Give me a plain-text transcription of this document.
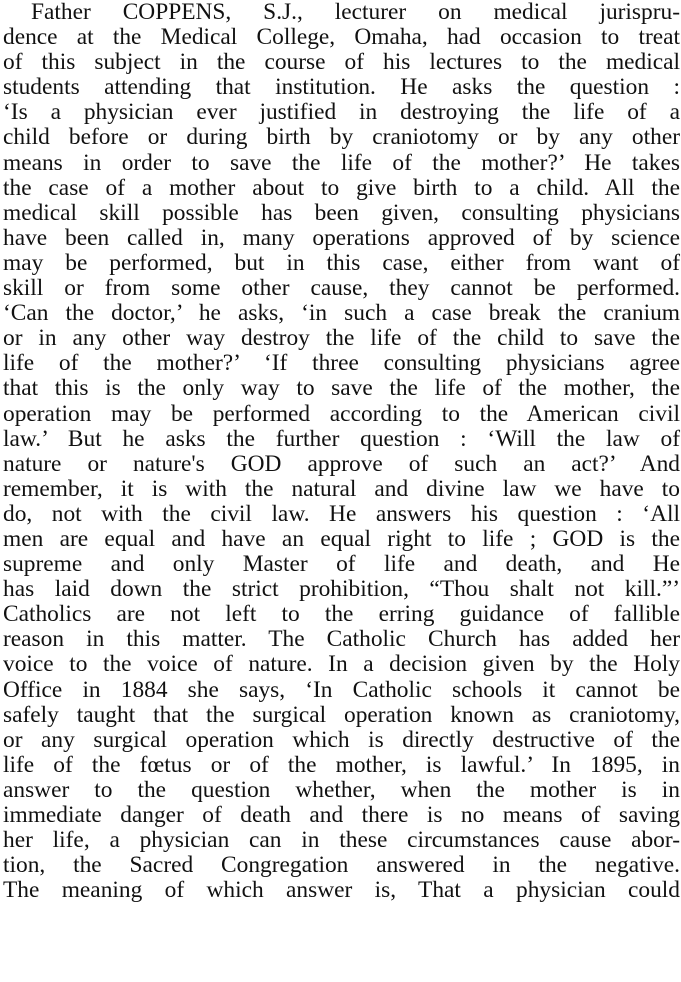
Father COPPENS, S.J., lecturer on medical jurispru-
dence at the Medical College, Omaha, had occasion to treat
of this subject in the course of his lectures to the medical
students attending that institution. He asks the question :
‘Is a physician ever justified in destroying the life of a
child before or during birth by craniotomy or by any other
means in order to save the life of the mother?’ He takes
the case of a mother about to give birth to a child. All the
medical skill possible has been given, consulting physicians
have been called in, many operations approved of by science
may be performed, but in this case, either from want of
skill or from some other cause, they cannot be performed.
‘Can the doctor,’ he asks, ‘in such a case break the cranium
or in any other way destroy the life of the child to save the
life of the mother?’ ‘If three consulting physicians agree
that this is the only way to save the life of the mother, the
operation may be performed according to the American civil
law.’ But he asks the further question : ‘Will the law of
nature or nature's GOD approve of such an act?’ And
remember, it is with the natural and divine law we have to
do, not with the civil law. He answers his question : ‘All
men are equal and have an equal right to life ; GOD is the
supreme and only Master of life and death, and He
has laid down the strict prohibition, “Thou shalt not kill.”’
Catholics are not left to the erring guidance of fallible
reason in this matter. The Catholic Church has added her
voice to the voice of nature. In a decision given by the Holy
Office in 1884 she says, ‘In Catholic schools it cannot be
safely taught that the surgical operation known as craniotomy,
or any surgical operation which is directly destructive of the
life of the fœtus or of the mother, is lawful.’ In 1895, in
answer to the question whether, when the mother is in
immediate danger of death and there is no means of saving
her life, a physician can in these circumstances cause abor-
tion, the Sacred Congregation answered in the negative.
The meaning of which answer is, That a physician could
